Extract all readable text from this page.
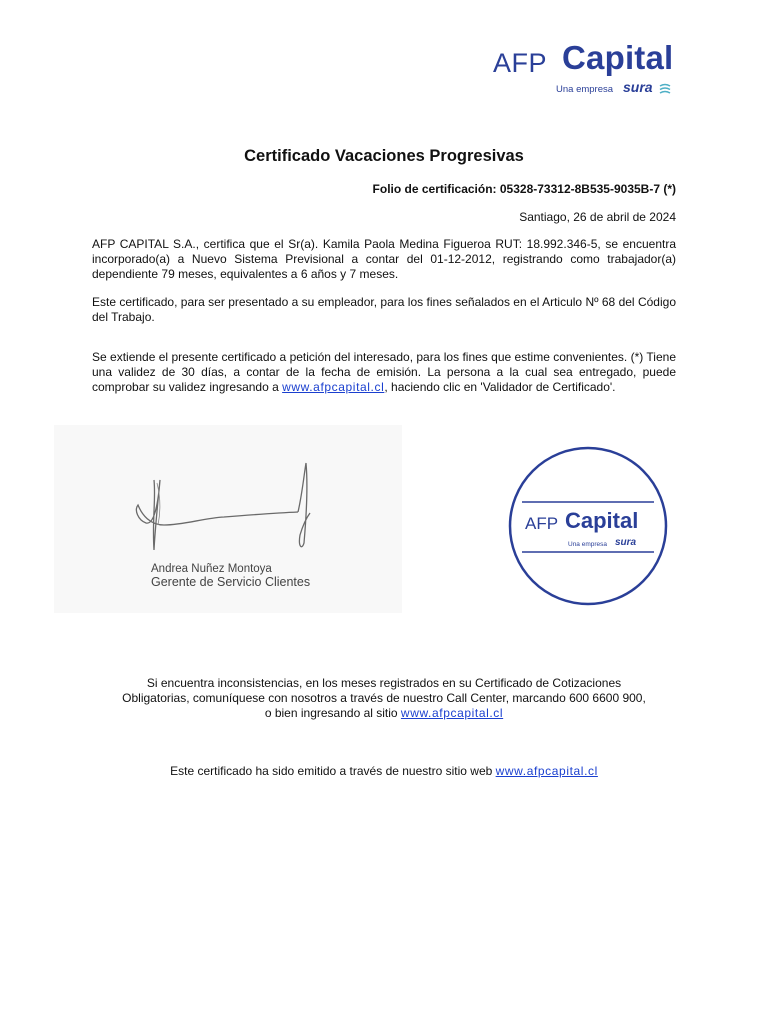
AFP Capital
Una empresa sura
Certificado Vacaciones Progresivas
Folio de certificación: 05328-73312-8B535-9035B-7 (*)
Santiago, 26 de abril de 2024
AFP CAPITAL S.A., certifica que el Sr(a). Kamila Paola Medina Figueroa RUT: 18.992.346-5, se encuentra incorporado(a) a Nuevo Sistema Previsional a contar del 01-12-2012, registrando como trabajador(a) dependiente 79 meses, equivalentes a 6 años y 7 meses.
Este certificado, para ser presentado a su empleador, para los fines señalados en el Articulo Nº 68 del Código del Trabajo.
Se extiende el presente certificado a petición del interesado, para los fines que estime convenientes. (*) Tiene una validez de 30 días, a contar de la fecha de emisión. La persona a la cual sea entregado, puede comprobar su validez ingresando a www.afpcapital.cl, haciendo clic en 'Validador de Certificado'.
Andrea Nuñez Montoya
Gerente de Servicio Clientes
AFP Capital
Una empresa sura
Si encuentra inconsistencias, en los meses registrados en su Certificado de Cotizaciones
Obligatorias, comuníquese con nosotros a través de nuestro Call Center, marcando 600 6600 900,
o bien ingresando al sitio www.afpcapital.cl
Este certificado ha sido emitido a través de nuestro sitio web www.afpcapital.cl
